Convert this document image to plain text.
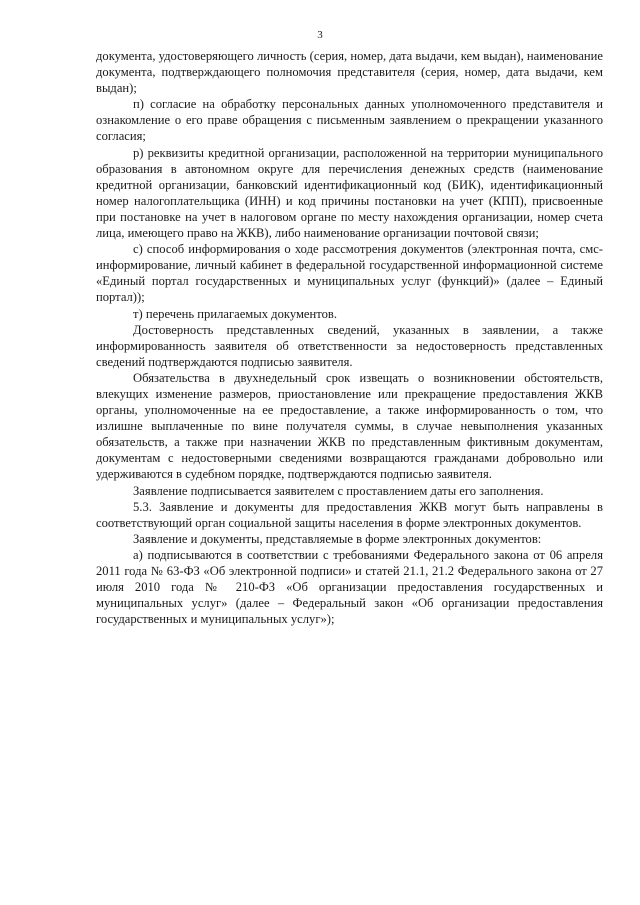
3

документа, удостоверяющего личность (серия, номер, дата выдачи, кем выдан), наименование документа, подтверждающего полномочия представителя (серия, номер, дата выдачи, кем выдан);

п) согласие на обработку персональных данных уполномоченного представителя и ознакомление о его праве обращения с письменным заявлением о прекращении указанного согласия;

р) реквизиты кредитной организации, расположенной на территории муниципального образования в автономном округе для перечисления денежных средств (наименование кредитной организации, банковский идентификационный код (БИК), идентификационный номер налогоплательщика (ИНН) и код причины постановки на учет (КПП), присвоенные при постановке на учет в налоговом органе по месту нахождения организации, номер счета лица, имеющего право на ЖКВ), либо наименование организации почтовой связи;

с) способ информирования о ходе рассмотрения документов (электронная почта, смс-информирование, личный кабинет в федеральной государственной информационной системе «Единый портал государственных и муниципальных услуг (функций)» (далее – Единый портал));

т) перечень прилагаемых документов.

Достоверность представленных сведений, указанных в заявлении, а также информированность заявителя об ответственности за недостоверность представленных сведений подтверждаются подписью заявителя.

Обязательства в двухнедельный срок извещать о возникновении обстоятельств, влекущих изменение размеров, приостановление или прекращение предоставления ЖКВ органы, уполномоченные на ее предоставление, а также информированность о том, что излишне выплаченные по вине получателя суммы, в случае невыполнения указанных обязательств, а также при назначении ЖКВ по представленным фиктивным документам, документам с недостоверными сведениями возвращаются гражданами добровольно или удерживаются в судебном порядке, подтверждаются подписью заявителя.

Заявление подписывается заявителем с проставлением даты его заполнения.

5.3. Заявление и документы для предоставления ЖКВ могут быть направлены в соответствующий орган социальной защиты населения в форме электронных документов.

Заявление и документы, представляемые в форме электронных документов:

а) подписываются в соответствии с требованиями Федерального закона от 06 апреля 2011 года № 63-ФЗ «Об электронной подписи» и статей 21.1, 21.2 Федерального закона от 27 июля 2010 года № 210-ФЗ «Об организации предоставления государственных и муниципальных услуг» (далее – Федеральный закон «Об организации предоставления государственных и муниципальных услуг»);
